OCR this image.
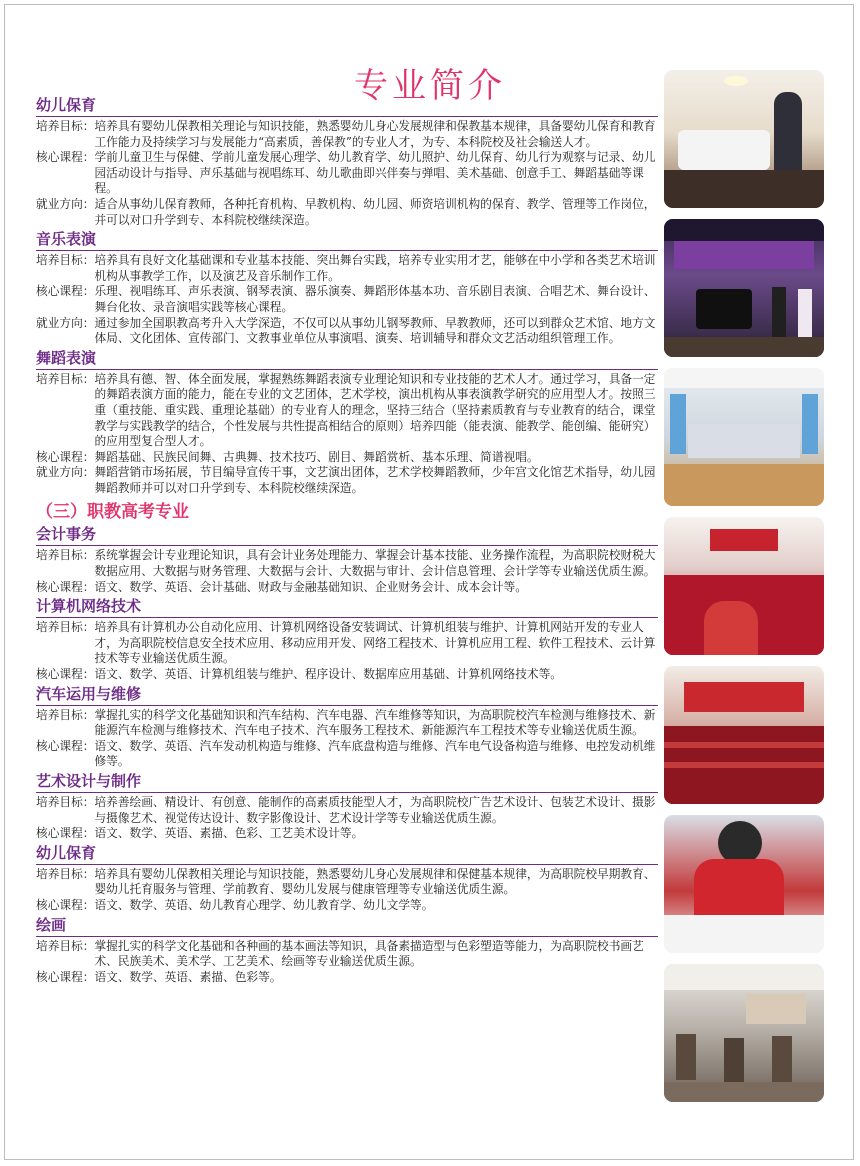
专业简介
幼儿保育
培养目标： 培养具有婴幼儿保教相关理论与知识技能，熟悉婴幼儿身心发展规律和保教基本规律，具备婴幼儿保育和教育工作能力及持续学习与发展能力“高素质，善保教”的专业人才，为专、本科院校及社会输送人才。
核心课程： 学前儿童卫生与保健、学前儿童发展心理学、幼儿教育学、幼儿照护、幼儿保育、幼儿行为观察与记录、幼儿园活动设计与指导、声乐基础与视唱练耳、幼儿歌曲即兴伴奏与弹唱、美术基础、创意手工、舞蹈基础等课程。
就业方向： 适合从事幼儿保育教师，各种托育机构、早教机构、幼儿园、师资培训机构的保育、教学、管理等工作岗位，并可以对口升学到专、本科院校继续深造。
音乐表演
培养目标： 培养具有良好文化基础课和专业基本技能、突出舞台实践，培养专业实用才艺，能够在中小学和各类艺术培训机构从事教学工作，以及演艺及音乐制作工作。
核心课程： 乐理、视唱练耳、声乐表演、钢琴表演、器乐演奏、舞蹈形体基本功、音乐剧目表演、合唱艺术、舞台设计、舞台化妆、录音演唱实践等核心课程。
就业方向： 通过参加全国职教高考升入大学深造，不仅可以从事幼儿钢琴教师、早教教师，还可以到群众艺术馆、地方文体局、文化团体、宣传部门、文教事业单位从事演唱、演奏、培训辅导和群众文艺活动组织管理工作。
舞蹈表演
培养目标： 培养具有德、智、体全面发展，掌握熟练舞蹈表演专业理论知识和专业技能的艺术人才。通过学习，具备一定的舞蹈表演方面的能力，能在专业的文艺团体，艺术学校，演出机构从事表演教学研究的应用型人才。按照三重（重技能、重实践、重理论基础）的专业育人的理念，坚持三结合（坚持素质教育与专业教育的结合，课堂教学与实践教学的结合，个性发展与共性提高相结合的原则）培养四能（能表演、能教学、能创编、能研究）的应用型复合型人才。
核心课程： 舞蹈基础、民族民间舞、古典舞、技术技巧、剧目、舞蹈赏析、基本乐理、简谱视唱。
就业方向： 舞蹈营销市场拓展，节目编导宣传干事，文艺演出团体，艺术学校舞蹈教师，少年宫文化馆艺术指导，幼儿园舞蹈教师并可以对口升学到专、本科院校继续深造。
（三）职教高考专业
会计事务
培养目标： 系统掌握会计专业理论知识，具有会计业务处理能力、掌握会计基本技能、业务操作流程，为高职院校财税大数据应用、大数据与财务管理、大数据与会计、大数据与审计、会计信息管理、会计学等专业输送优质生源。
核心课程： 语文、数学、英语、会计基础、财政与金融基础知识、企业财务会计、成本会计等。
计算机网络技术
培养目标： 培养具有计算机办公自动化应用、计算机网络设备安装调试、计算机组装与维护、计算机网站开发的专业人才，为高职院校信息安全技术应用、移动应用开发、网络工程技术、计算机应用工程、软件工程技术、云计算技术等专业输送优质生源。
核心课程： 语文、数学、英语、计算机组装与维护、程序设计、数据库应用基础、计算机网络技术等。
汽车运用与维修
培养目标： 掌握扎实的科学文化基础知识和汽车结构、汽车电器、汽车维修等知识，为高职院校汽车检测与维修技术、新能源汽车检测与维修技术、汽车电子技术、汽车服务工程技术、新能源汽车工程技术等专业输送优质生源。
核心课程： 语文、数学、英语、汽车发动机构造与维修、汽车底盘构造与维修、汽车电气设备构造与维修、电控发动机维修等。
艺术设计与制作
培养目标： 培养善绘画、精设计、有创意、能制作的高素质技能型人才，为高职院校广告艺术设计、包装艺术设计、摄影与摄像艺术、视觉传达设计、数字影像设计、艺术设计学等专业输送优质生源。
核心课程： 语文、数学、英语、素描、色彩、工艺美术设计等。
幼儿保育
培养目标： 培养具有婴幼儿保教相关理论与知识技能，熟悉婴幼儿身心发展规律和保健基本规律，为高职院校早期教育、婴幼儿托育服务与管理、学前教育、婴幼儿发展与健康管理等专业输送优质生源。
核心课程： 语文、数学、英语、幼儿教育心理学、幼儿教育学、幼儿文学等。
绘画
培养目标： 掌握扎实的科学文化基础和各种画的基本画法等知识，具备素描造型与色彩塑造等能力，为高职院校书画艺术、民族美术、美术学、工艺美术、绘画等专业输送优质生源。
核心课程： 语文、数学、英语、素描、色彩等。
